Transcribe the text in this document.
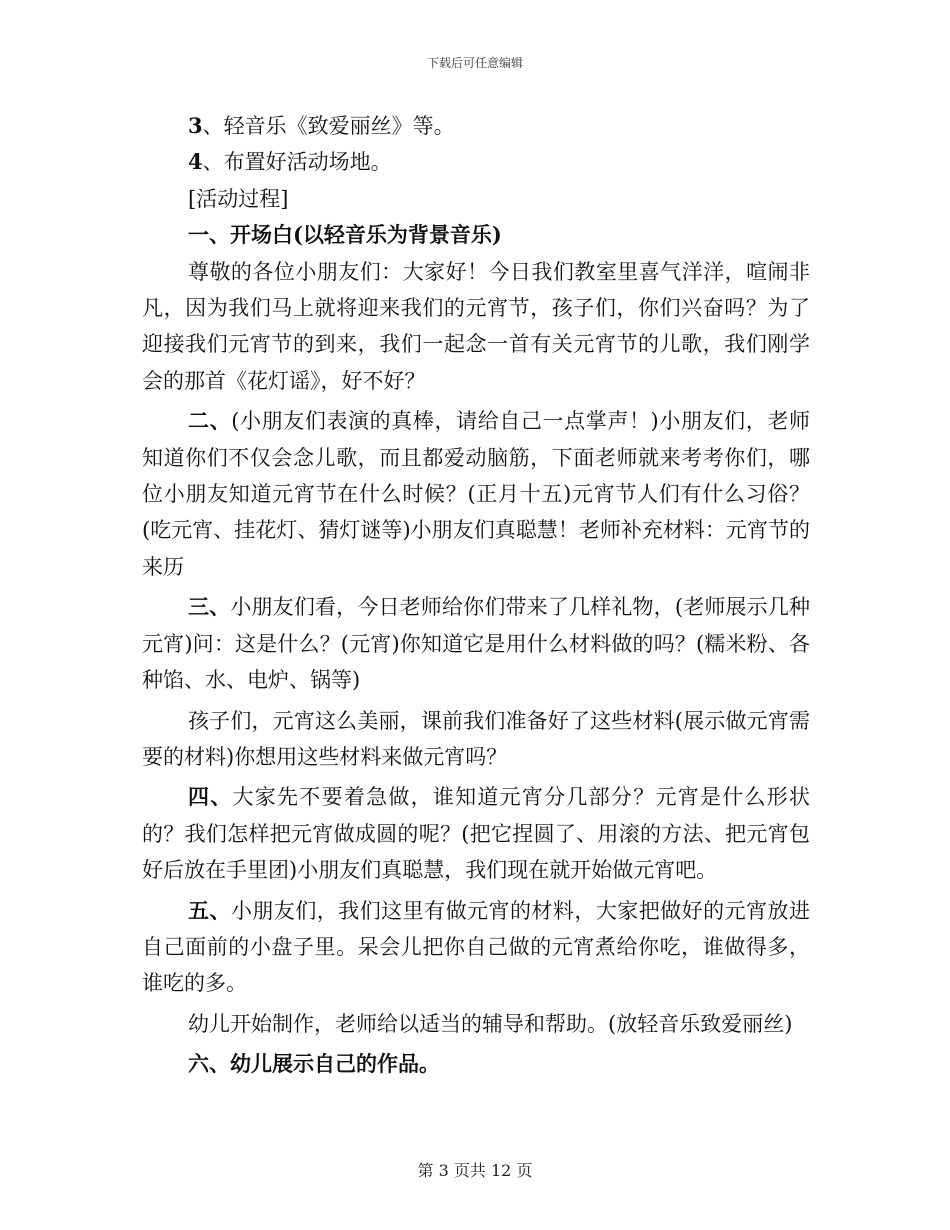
下载后可任意编辑

3、轻音乐《致爱丽丝》等。

4、布置好活动场地。

[活动过程]

一、开场白(以轻音乐为背景音乐)

尊敬的各位小朋友们：大家好！今日我们教室里喜气洋洋，喧闹非凡，因为我们马上就将迎来我们的元宵节，孩子们，你们兴奋吗？为了迎接我们元宵节的到来，我们一起念一首有关元宵节的儿歌，我们刚学会的那首《花灯谣》，好不好？

二、(小朋友们表演的真棒，请给自己一点掌声！)小朋友们，老师知道你们不仅会念儿歌，而且都爱动脑筋，下面老师就来考考你们，哪位小朋友知道元宵节在什么时候？(正月十五)元宵节人们有什么习俗？(吃元宵、挂花灯、猜灯谜等)小朋友们真聪慧！老师补充材料：元宵节的来历

三、小朋友们看，今日老师给你们带来了几样礼物，(老师展示几种元宵)问：这是什么？(元宵)你知道它是用什么材料做的吗？(糯米粉、各种馅、水、电炉、锅等)

孩子们，元宵这么美丽，课前我们准备好了这些材料(展示做元宵需要的材料)你想用这些材料来做元宵吗？

四、大家先不要着急做，谁知道元宵分几部分？元宵是什么形状的？我们怎样把元宵做成圆的呢？(把它捏圆了、用滚的方法、把元宵包好后放在手里团)小朋友们真聪慧，我们现在就开始做元宵吧。

五、小朋友们，我们这里有做元宵的材料，大家把做好的元宵放进自己面前的小盘子里。呆会儿把你自己做的元宵煮给你吃，谁做得多，谁吃的多。

幼儿开始制作，老师给以适当的辅导和帮助。(放轻音乐致爱丽丝)

六、幼儿展示自己的作品。

第 3 页共 12 页
